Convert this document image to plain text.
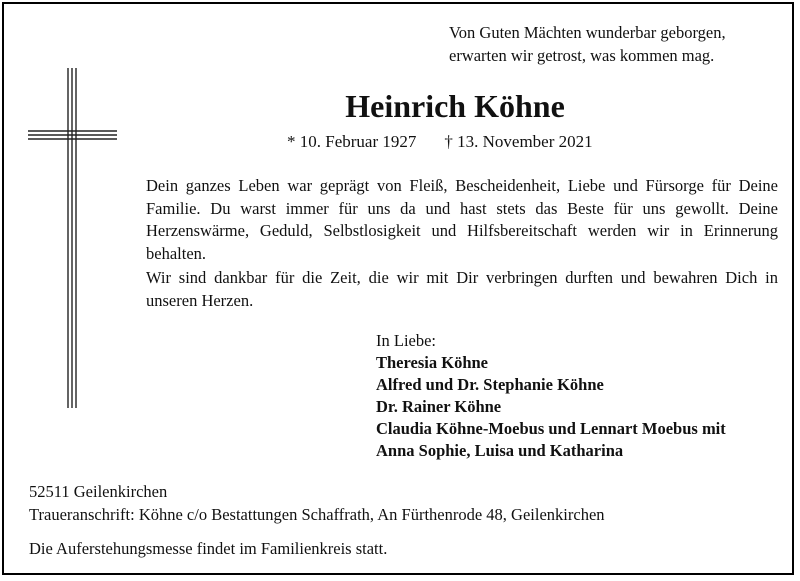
Von Guten Mächten wunderbar geborgen,
erwarten wir getrost, was kommen mag.
Heinrich Köhne
* 10. Februar 1927 † 13. November 2021

Dein ganzes Leben war geprägt von Fleiß, Bescheidenheit, Liebe und Fürsorge für Deine Familie. Du warst immer für uns da und hast stets das Beste für uns gewollt. Deine Herzenswärme, Geduld, Selbstlosigkeit und Hilfsbereitschaft werden wir in Erinnerung behalten.

Wir sind dankbar für die Zeit, die wir mit Dir verbringen durften und bewahren Dich in unseren Herzen.

In Liebe:
Theresia Köhne
Alfred und Dr. Stephanie Köhne
Dr. Rainer Köhne
Claudia Köhne-Moebus und Lennart Moebus mit
Anna Sophie, Luisa und Katharina
52511 Geilenkirchen
Traueranschrift: Köhne c/o Bestattungen Schaffrath, An Fürthenrode 48, Geilenkirchen
Die Auferstehungsmesse findet im Familienkreis statt.
